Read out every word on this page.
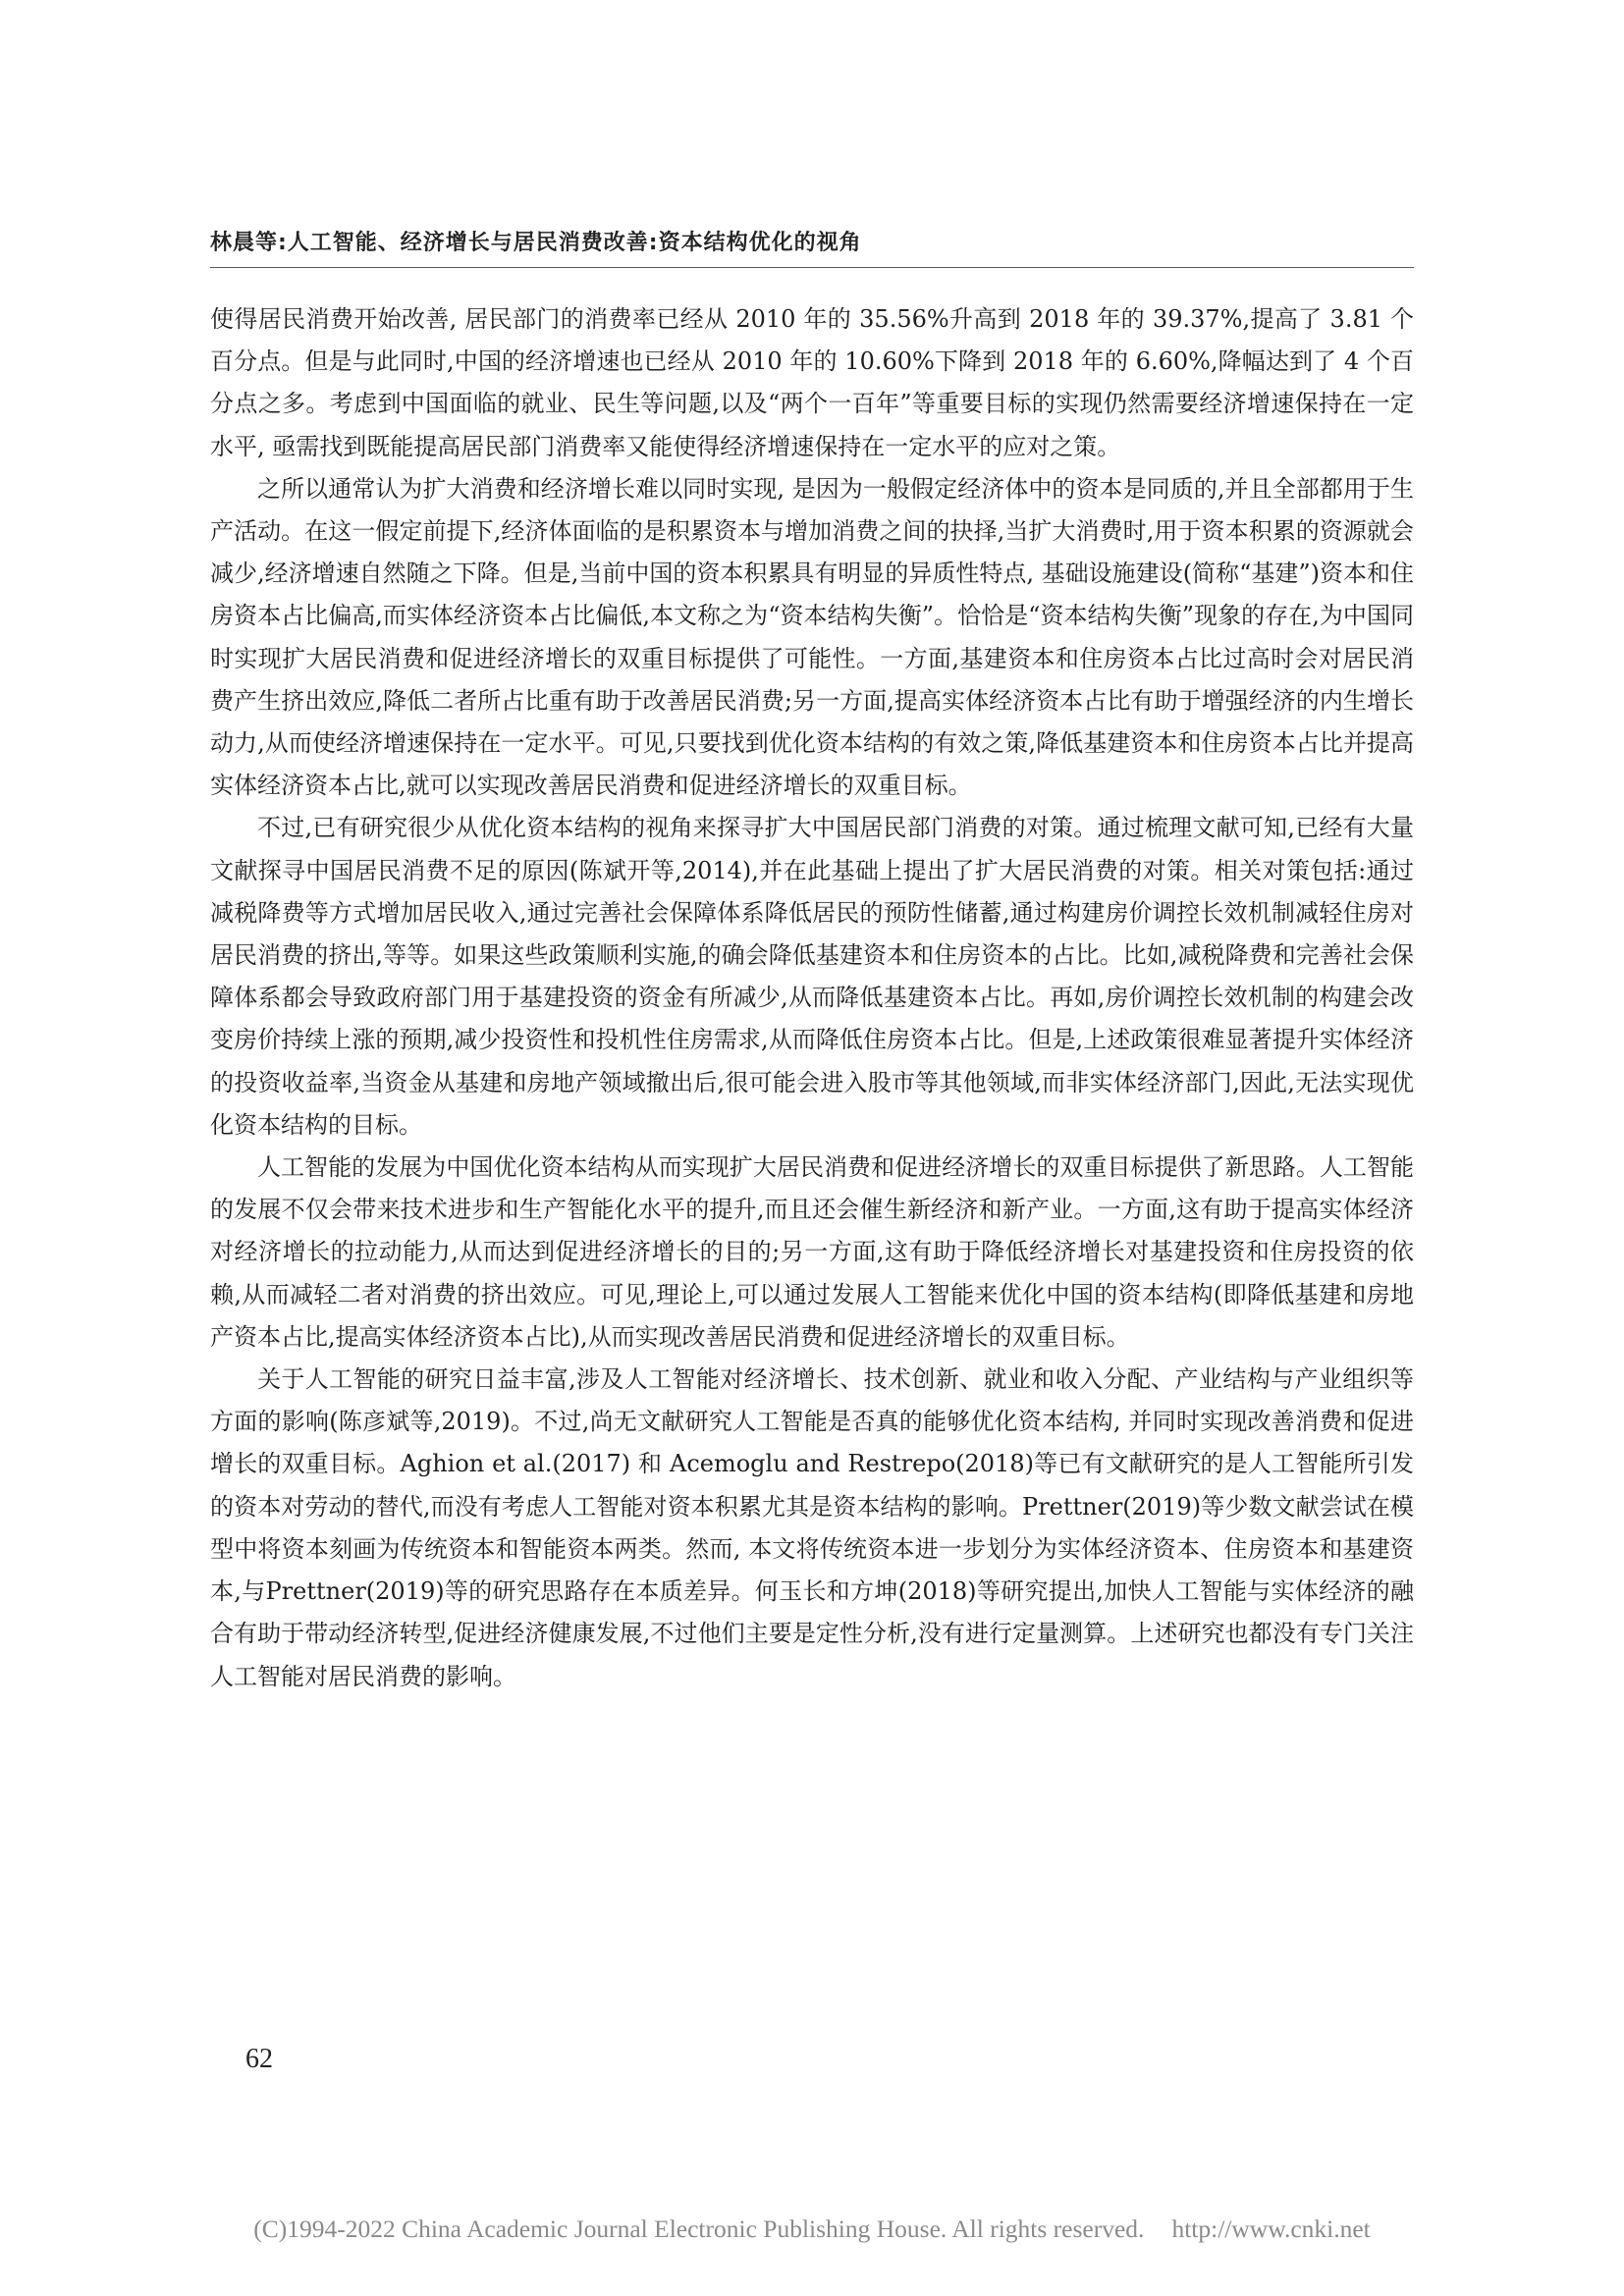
林晨等:人工智能、经济增长与居民消费改善:资本结构优化的视角

使得居民消费开始改善, 居民部门的消费率已经从 2010 年的 35.56%升高到 2018 年的 39.37%,提高了 3.81 个百分点。但是与此同时,中国的经济增速也已经从 2010 年的 10.60%下降到 2018 年的 6.60%,降幅达到了 4 个百分点之多。考虑到中国面临的就业、民生等问题,以及“两个一百年”等重要目标的实现仍然需要经济增速保持在一定水平, 亟需找到既能提高居民部门消费率又能使得经济增速保持在一定水平的应对之策。

之所以通常认为扩大消费和经济增长难以同时实现, 是因为一般假定经济体中的资本是同质的,并且全部都用于生产活动。在这一假定前提下,经济体面临的是积累资本与增加消费之间的抉择,当扩大消费时,用于资本积累的资源就会减少,经济增速自然随之下降。但是,当前中国的资本积累具有明显的异质性特点, 基础设施建设(简称“基建”)资本和住房资本占比偏高,而实体经济资本占比偏低,本文称之为“资本结构失衡”。恰恰是“资本结构失衡”现象的存在,为中国同时实现扩大居民消费和促进经济增长的双重目标提供了可能性。一方面,基建资本和住房资本占比过高时会对居民消费产生挤出效应,降低二者所占比重有助于改善居民消费;另一方面,提高实体经济资本占比有助于增强经济的内生增长动力,从而使经济增速保持在一定水平。可见,只要找到优化资本结构的有效之策,降低基建资本和住房资本占比并提高实体经济资本占比,就可以实现改善居民消费和促进经济增长的双重目标。

不过,已有研究很少从优化资本结构的视角来探寻扩大中国居民部门消费的对策。通过梳理文献可知,已经有大量文献探寻中国居民消费不足的原因(陈斌开等,2014),并在此基础上提出了扩大居民消费的对策。相关对策包括:通过减税降费等方式增加居民收入,通过完善社会保障体系降低居民的预防性储蓄,通过构建房价调控长效机制减轻住房对居民消费的挤出,等等。如果这些政策顺利实施,的确会降低基建资本和住房资本的占比。比如,减税降费和完善社会保障体系都会导致政府部门用于基建投资的资金有所减少,从而降低基建资本占比。再如,房价调控长效机制的构建会改变房价持续上涨的预期,减少投资性和投机性住房需求,从而降低住房资本占比。但是,上述政策很难显著提升实体经济的投资收益率,当资金从基建和房地产领域撤出后,很可能会进入股市等其他领域,而非实体经济部门,因此,无法实现优化资本结构的目标。

人工智能的发展为中国优化资本结构从而实现扩大居民消费和促进经济增长的双重目标提供了新思路。人工智能的发展不仅会带来技术进步和生产智能化水平的提升,而且还会催生新经济和新产业。一方面,这有助于提高实体经济对经济增长的拉动能力,从而达到促进经济增长的目的;另一方面,这有助于降低经济增长对基建投资和住房投资的依赖,从而减轻二者对消费的挤出效应。可见,理论上,可以通过发展人工智能来优化中国的资本结构(即降低基建和房地产资本占比,提高实体经济资本占比),从而实现改善居民消费和促进经济增长的双重目标。

关于人工智能的研究日益丰富,涉及人工智能对经济增长、技术创新、就业和收入分配、产业结构与产业组织等方面的影响(陈彦斌等,2019)。不过,尚无文献研究人工智能是否真的能够优化资本结构, 并同时实现改善消费和促进增长的双重目标。Aghion et al.(2017) 和 Acemoglu and Restrepo(2018)等已有文献研究的是人工智能所引发的资本对劳动的替代,而没有考虑人工智能对资本积累尤其是资本结构的影响。Prettner(2019)等少数文献尝试在模型中将资本刻画为传统资本和智能资本两类。然而, 本文将传统资本进一步划分为实体经济资本、住房资本和基建资本,与Prettner(2019)等的研究思路存在本质差异。何玉长和方坤(2018)等研究提出,加快人工智能与实体经济的融合有助于带动经济转型,促进经济健康发展,不过他们主要是定性分析,没有进行定量测算。上述研究也都没有专门关注人工智能对居民消费的影响。

62
(C)1994-2022 China Academic Journal Electronic Publishing House. All rights reserved. http://www.cnki.net
